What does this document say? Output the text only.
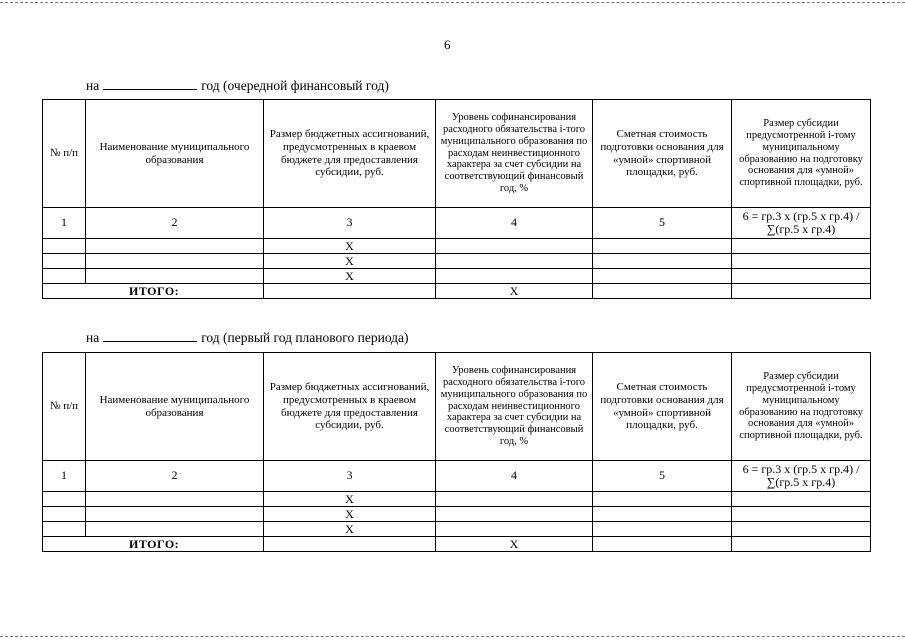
6
на	год (очередной финансовый год)
№ п/п	Наименование муниципального образования	Размер бюджетных ассигнований, предусмотренных в краевом бюджете для предоставления субсидии, руб.	Уровень софинансирования расходного обязательства i-того муниципального образования по расходам неинвестиционного характера за счет субсидии на соответствующий финансовый год, %	Сметная стоимость подготовки основания для «умной» спортивной площадки, руб.	Размер субсидии предусмотренной i-тому муниципальному образованию на подготовку основания для «умной» спортивной площадки, руб.
1	2	3	4	5	6 = гр.3 x (гр.5 x гр.4) / ∑(гр.5 x гр.4)
		X			
		X			
		X			
ИТОГО:			X		
на	год (первый год планового периода)
№ п/п	Наименование муниципального образования	Размер бюджетных ассигнований, предусмотренных в краевом бюджете для предоставления субсидии, руб.	Уровень софинансирования расходного обязательства i-того муниципального образования по расходам неинвестиционного характера за счет субсидии на соответствующий финансовый год, %	Сметная стоимость подготовки основания для «умной» спортивной площадки, руб.	Размер субсидии предусмотренной i-тому муниципальному образованию на подготовку основания для «умной» спортивной площадки, руб.
1	2	3	4	5	6 = гр.3 x (гр.5 x гр.4) / ∑(гр.5 x гр.4)
		X			
		X			
		X			
ИТОГО:			X		
